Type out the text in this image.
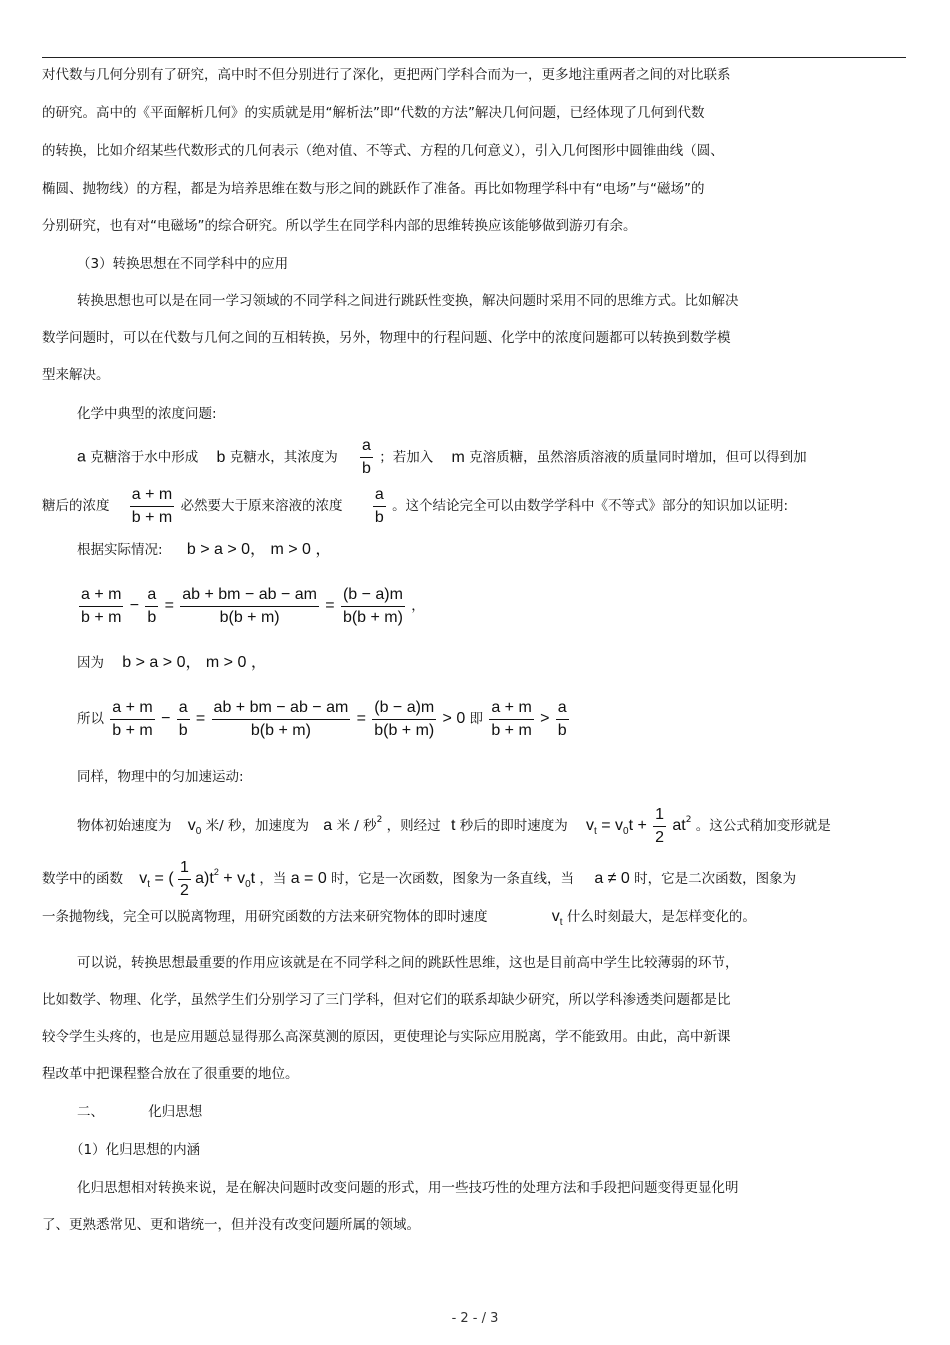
对代数与几何分别有了研究，高中时不但分别进行了深化，更把两门学科合而为一，更多地注重两者之间的对比联系
的研究。高中的《平面解析几何》的实质就是用“解析法”即“代数的方法”解决几何问题，已经体现了几何到代数
的转换，比如介绍某些代数形式的几何表示（绝对值、不等式、方程的几何意义），引入几何图形中圆锥曲线（圆、
椭圆、抛物线）的方程，都是为培养思维在数与形之间的跳跃作了准备。再比如物理学科中有“电场”与“磁场”的
分别研究，也有对“电磁场”的综合研究。所以学生在同学科内部的思维转换应该能够做到游刃有余。
（3）转换思想在不同学科中的应用
转换思想也可以是在同一学习领域的不同学科之间进行跳跃性变换，解决问题时采用不同的思维方式。比如解决
数学问题时，可以在代数与几何之间的互相转换，另外，物理中的行程问题、化学中的浓度问题都可以转换到数学模
型来解决。
化学中典型的浓度问题:
a 克糖溶于水中形成 b 克糖水，其浓度为 $\frac{a}{b}$ ；若加入 m 克溶质糖，虽然溶质溶液的质量同时增加，但可以得到加
糖后的浓度 $\frac{a + m}{b + m}$ 必然要大于原来溶液的浓度 $\frac{a}{b}$ 。这个结论完全可以由数学学科中《不等式》部分的知识加以证明:
根据实际情况: b > a > 0， m > 0 ，
$\frac{a + m}{b + m} - \frac{a}{b} = \frac{ab + bm - ab - am}{b(b + m)} = \frac{(b - a)m}{b(b + m)}$ ，
因为 b > a > 0， m > 0 ，
所以 $\frac{a + m}{b + m} - \frac{a}{b} = \frac{ab + bm - ab - am}{b(b + m)} = \frac{(b - a)m}{b(b + m)} > 0$ 即 $\frac{a + m}{b + m} > \frac{a}{b}$
同样，物理中的匀加速运动:
物体初始速度为 $v_0$ 米/ 秒，加速度为 a 米 / 秒$^2$ ，则经过 t 秒后的即时速度为 $v_t = v_0t + \frac{1}{2} at^2$ 。这公式稍加变形就是
数学中的函数 $v_t$ = ( $\frac{1}{2} a)t^2 + v_0t$ ，当 a = 0 时，它是一次函数，图象为一条直线，当 a ≠ 0 时，它是二次函数，图象为
一条抛物线，完全可以脱离物理，用研究函数的方法来研究物体的即时速度	$v_t$ 什么时刻最大，是怎样变化的。
可以说，转换思想最重要的作用应该就是在不同学科之间的跳跃性思维，这也是目前高中学生比较薄弱的环节，
比如数学、物理、化学，虽然学生们分别学习了三门学科，但对它们的联系却缺少研究，所以学科渗透类问题都是比
较令学生头疼的，也是应用题总显得那么高深莫测的原因，更使理论与实际应用脱离，学不能致用。由此，高中新课
程改革中把课程整合放在了很重要的地位。
二、	化归思想
（1）化归思想的内涵
化归思想相对转换来说，是在解决问题时改变问题的形式，用一些技巧性的处理方法和手段把问题变得更显化明
了、更熟悉常见、更和谐统一，但并没有改变问题所属的领域。
- 2 - / 3
